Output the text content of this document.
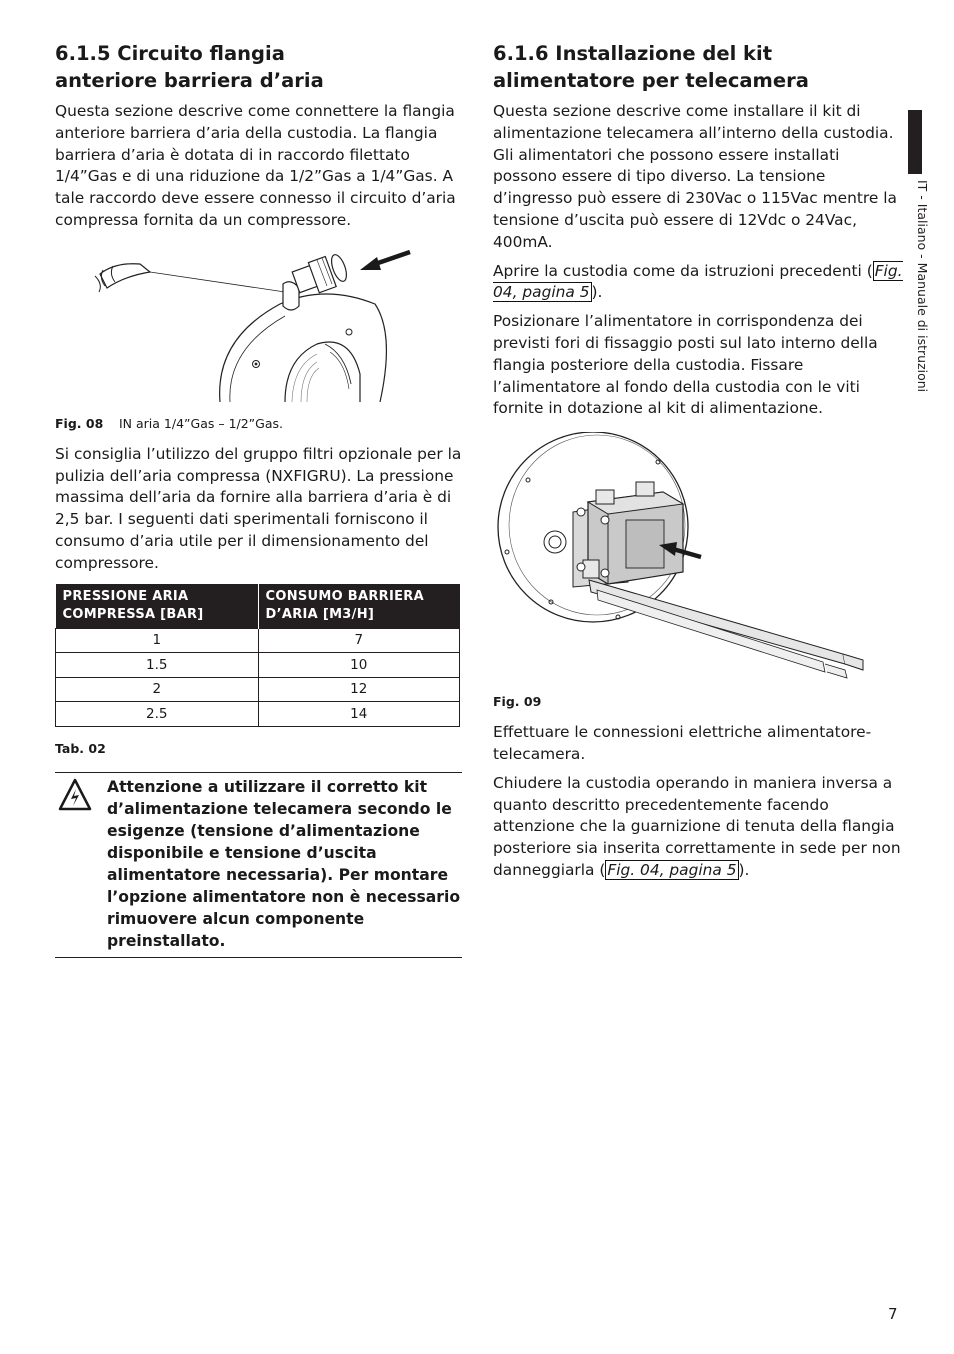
6.1.5 Circuito flangia
anteriore barriera d’aria

Questa sezione descrive come connettere la flangia anteriore barriera d’aria della custodia. La flangia barriera d’aria è dotata di in raccordo filettato 1/4”Gas e di una riduzione da 1/2”Gas a 1/4”Gas. A tale raccordo deve essere connesso il circuito d’aria compressa fornita da un compressore.

Fig. 08 IN aria 1/4”Gas – 1/2”Gas.

Si consiglia l’utilizzo del gruppo filtri opzionale per la pulizia dell’aria compressa (NXFIGRU). La pressione massima dell’aria da fornire alla barriera d’aria è di 2,5 bar. I seguenti dati sperimentali forniscono il consumo d’aria utile per il dimensionamento del compressore.

PRESSIONE ARIA COMPRESSA [BAR]	CONSUMO BARRIERA D’ARIA [M3/H]
1	7
1.5	10
2	12
2.5	14

Tab. 02

Attenzione a utilizzare il corretto kit d’alimentazione telecamera secondo le esigenze (tensione d’alimentazione disponibile e tensione d’uscita alimentatore necessaria). Per montare l’opzione alimentatore non è necessario rimuovere alcun componente preinstallato.
6.1.6 Installazione del kit
alimentatore per telecamera

Questa sezione descrive come installare il kit di alimentazione telecamera all’interno della custodia. Gli alimentatori che possono essere installati possono essere di tipo diverso. La tensione d’ingresso può essere di 230Vac o 115Vac mentre la tensione d’uscita può essere di 12Vdc o 24Vac, 400mA.

Aprire la custodia come da istruzioni precedenti ( Fig. 04, pagina 5 ).

Posizionare l’alimentatore in corrispondenza dei previsti fori di fissaggio posti sul lato interno della flangia posteriore della custodia. Fissare l’alimentatore al fondo della custodia con le viti fornite in dotazione al kit di alimentazione.

Fig. 09

Effettuare le connessioni elettriche alimentatore-telecamera.

Chiudere la custodia operando in maniera inversa a quanto descritto precedentemente facendo attenzione che la guarnizione di tenuta della flangia posteriore sia inserita correttamente in sede per non danneggiarla ( Fig. 04, pagina 5 ).

IT - Italiano - Manuale di istruzioni
7
